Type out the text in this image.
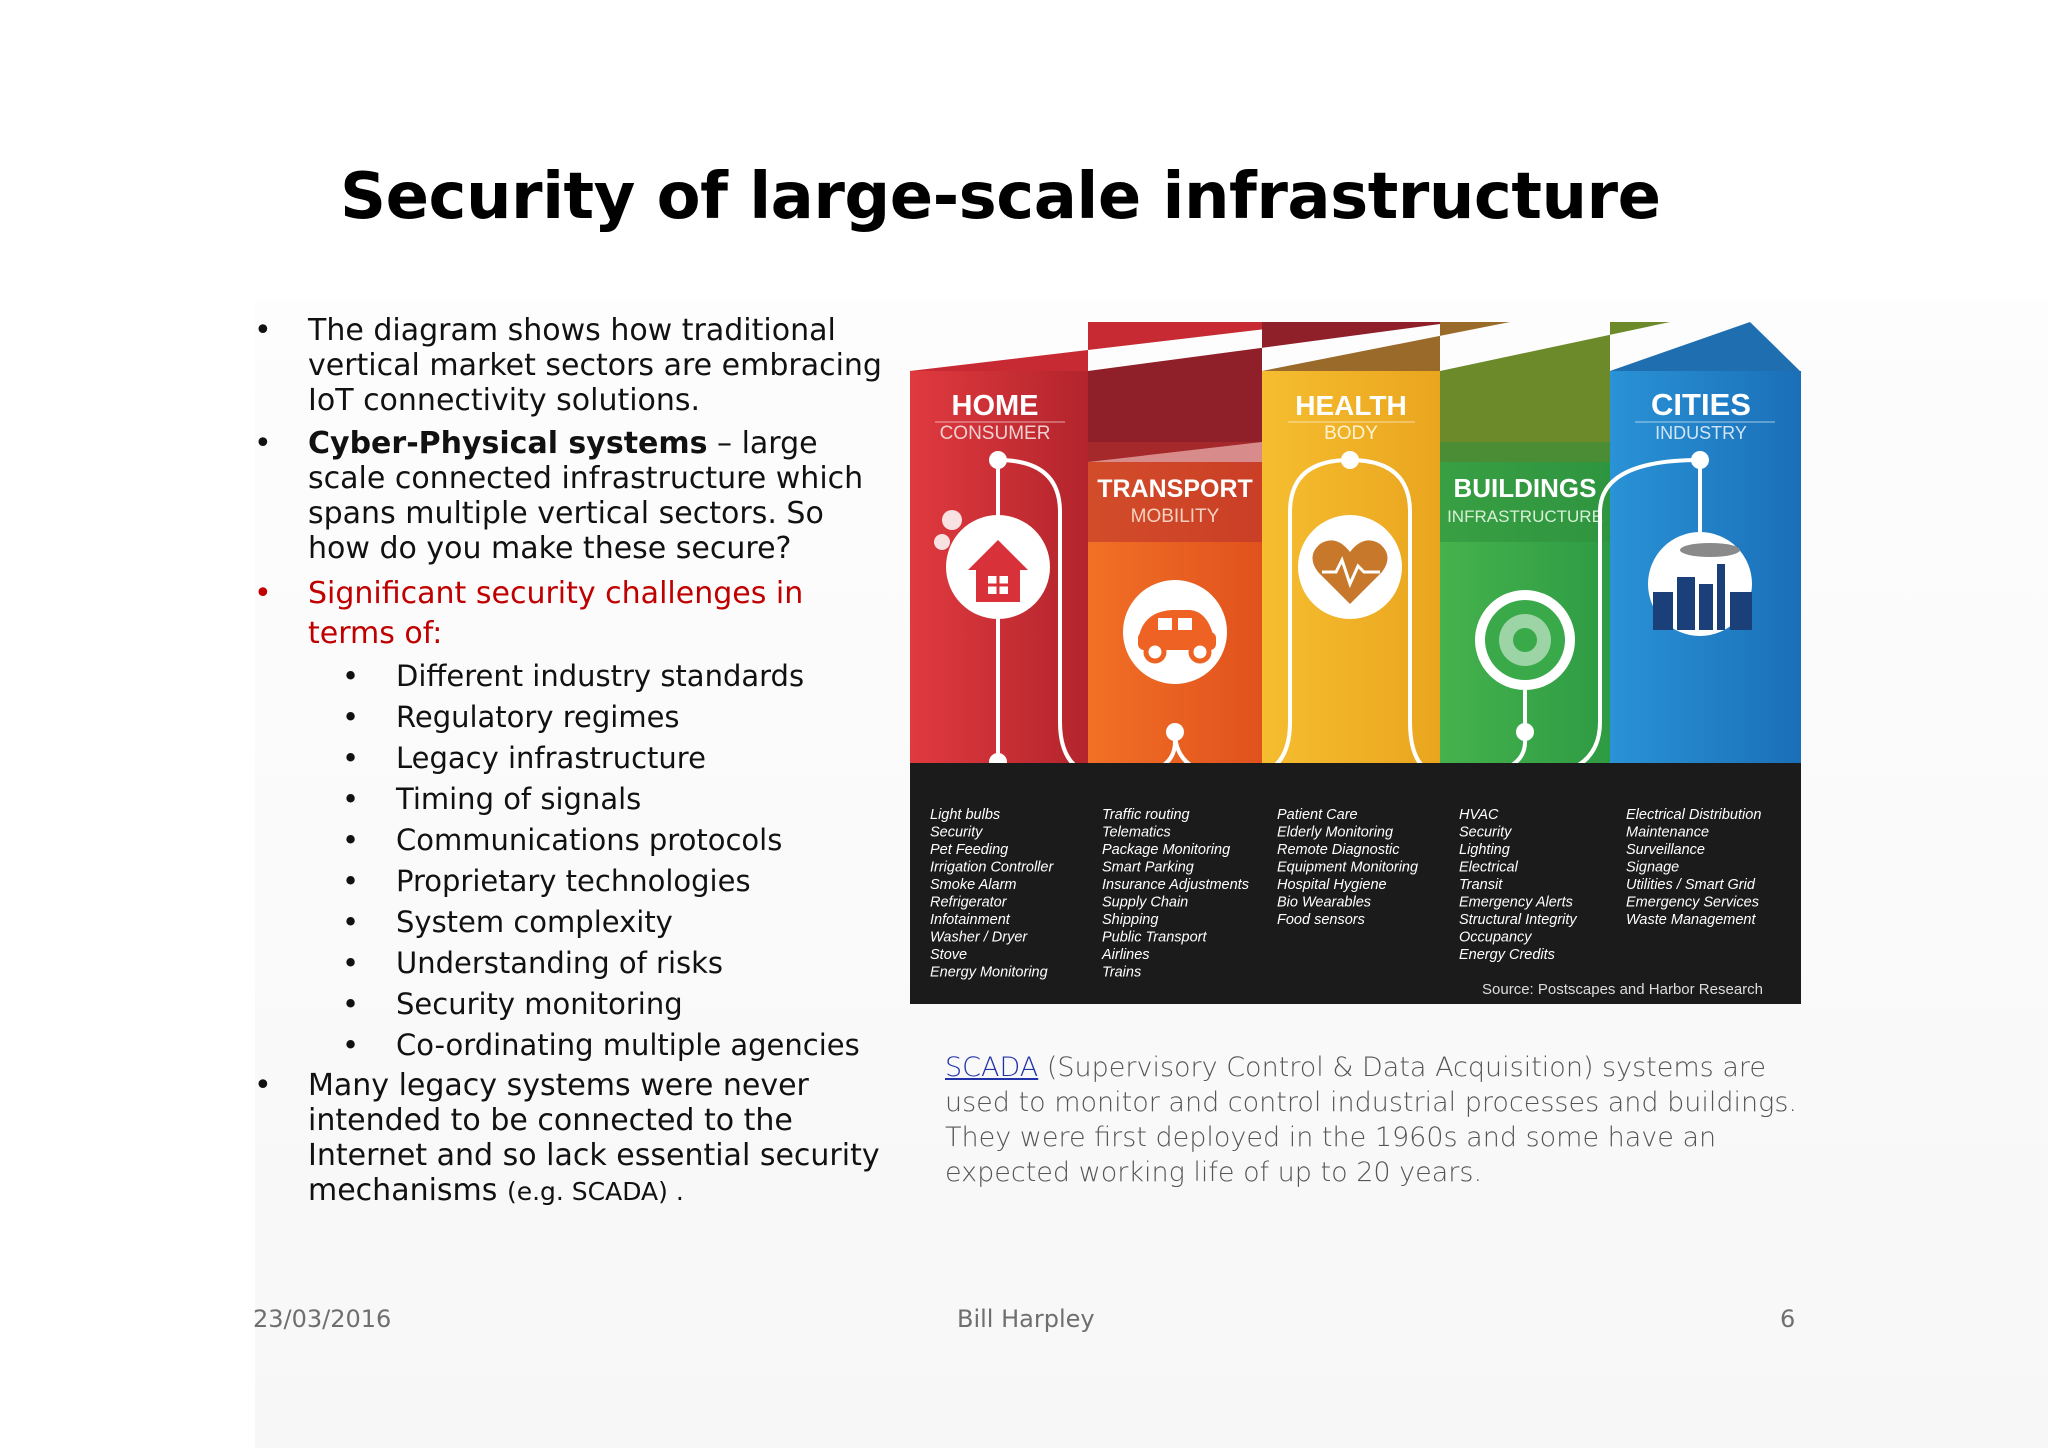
Security of large-scale infrastructure
• The diagram shows how traditional vertical market sectors are embracing IoT connectivity solutions.
• Cyber-Physical systems – large scale connected infrastructure which spans multiple vertical sectors. So how do you make these secure?
• Significant security challenges in terms of:
• Different industry standards
• Regulatory regimes
• Legacy infrastructure
• Timing of signals
• Communications protocols
• Proprietary technologies
• System complexity
• Understanding of risks
• Security monitoring
• Co-ordinating multiple agencies
• Many legacy systems were never intended to be connected to the Internet and so lack essential security mechanisms (e.g. SCADA) .
HOME
CONSUMER
TRANSPORT
MOBILITY
HEALTH
BODY
BUILDINGS
INFRASTRUCTURE
CITIES
INDUSTRY
Light bulbs
Security
Pet Feeding
Irrigation Controller
Smoke Alarm
Refrigerator
Infotainment
Washer / Dryer
Stove
Energy Monitoring
Traffic routing
Telematics
Package Monitoring
Smart Parking
Insurance Adjustments
Supply Chain
Shipping
Public Transport
Airlines
Trains
Patient Care
Elderly Monitoring
Remote Diagnostic
Equipment Monitoring
Hospital Hygiene
Bio Wearables
Food sensors
HVAC
Security
Lighting
Electrical
Transit
Emergency Alerts
Structural Integrity
Occupancy
Energy Credits
Electrical Distribution
Maintenance
Surveillance
Signage
Utilities / Smart Grid
Emergency Services
Waste Management
Source: Postscapes and Harbor Research
SCADA (Supervisory Control & Data Acquisition) systems are used to monitor and control industrial processes and buildings. They were first deployed in the 1960s and some have an expected working life of up to 20 years.
23/03/2016	Bill Harpley	6
